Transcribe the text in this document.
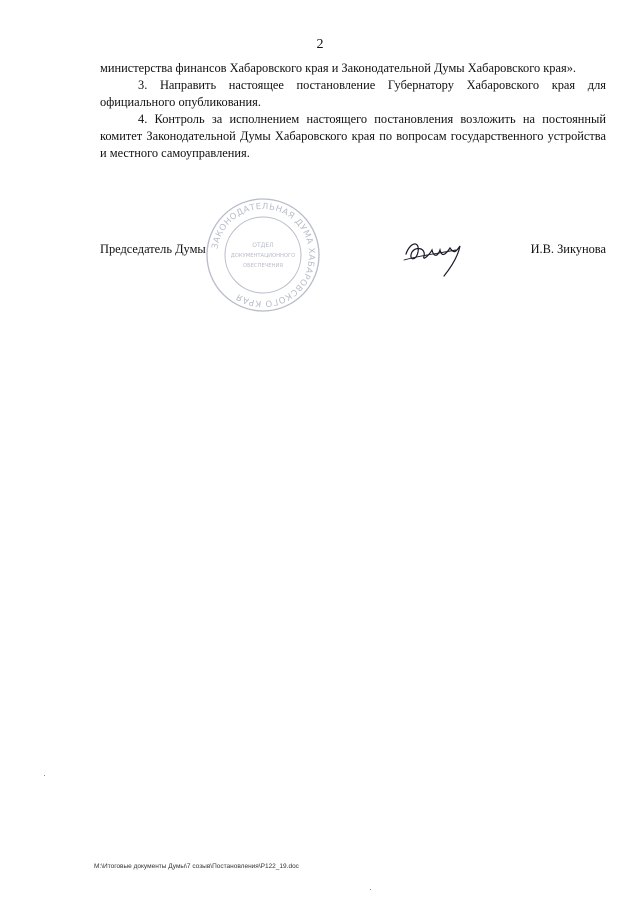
2

министерства финансов Хабаровского края и Законодательной Думы Хабаровского края».

3. Направить настоящее постановление Губернатору Хабаровского края для официального опубликования.

4. Контроль за исполнением настоящего постановления возложить на постоянный комитет Законодательной Думы Хабаровского края по вопросам государственного устройства и местного самоуправления.

Председатель Думы ЗАКОНОДАТЕЛЬНАЯ ДУМА ХАБАРОВСКОГО КРАЯ
ОТДЕЛ
ДОКУМЕНТАЦИОННОГО
ОБЕСПЕЧЕНИЯ
И.В. Зикунова
М:\Итоговые документы Думы\7 созыв\Постановления\Р122_19.doc
